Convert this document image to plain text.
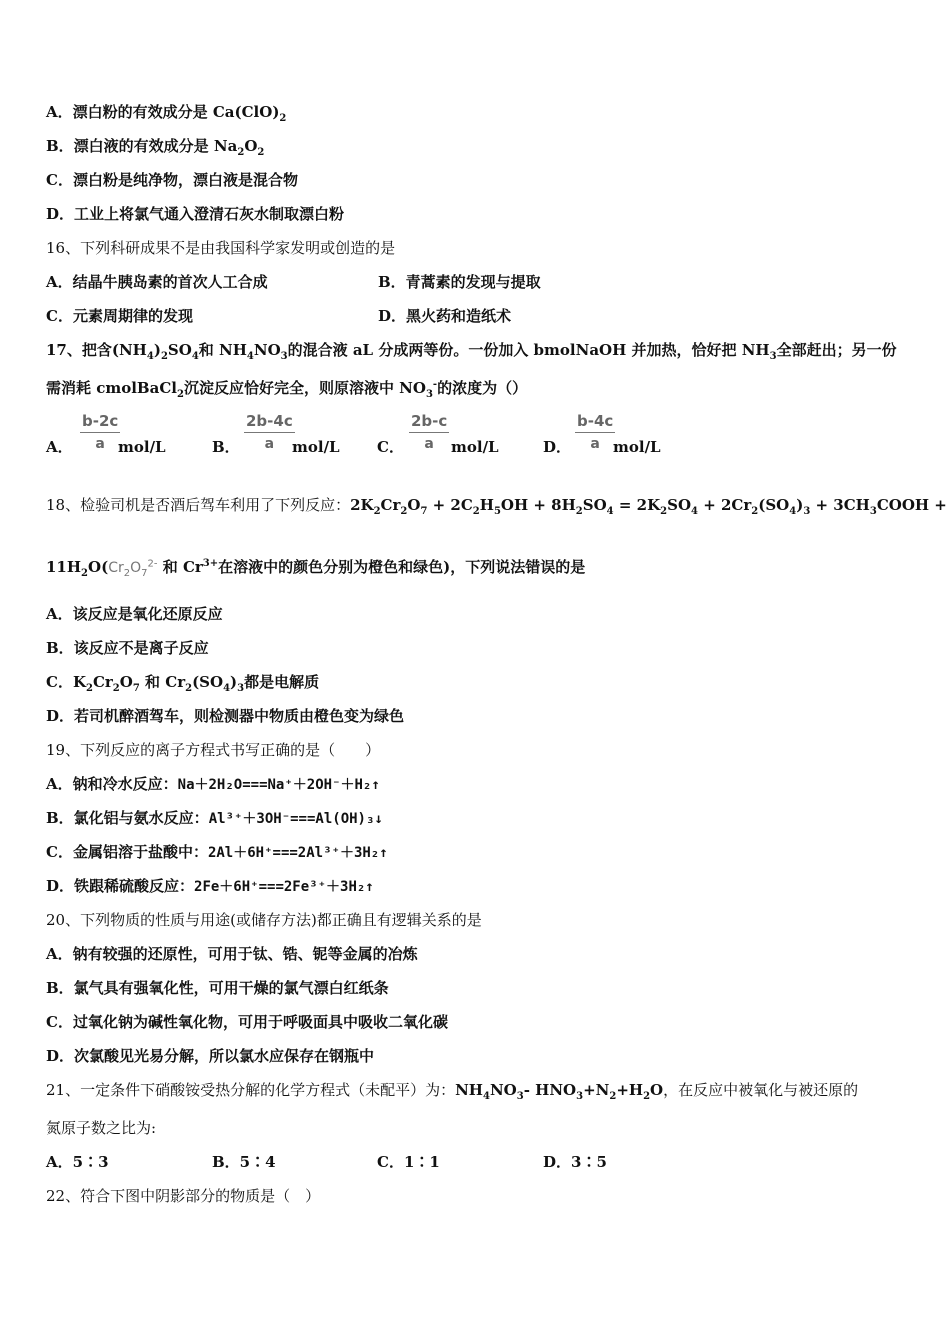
A．漂白粉的有效成分是 $Ca(ClO)_2$
B．漂白液的有效成分是 $Na_2O_2$
C．漂白粉是纯净物，漂白液是混合物
D．工业上将氯气通入澄清石灰水制取漂白粉
16、下列科研成果不是由我国科学家发明或创造的是
A．结晶牛胰岛素的首次人工合成	B．青蒿素的发现与提取
C．元素周期律的发现	D．黑火药和造纸术
17、把含$(NH_4)_2SO_4$和 $NH_4NO_3$的混合液 aL 分成两等份。一份加入 bmolNaOH 并加热，恰好把 $NH_3$全部赶出；另一份
需消耗 cmolBaCl$_2$沉淀反应恰好完全，则原溶液中 $NO_3^-$的浓度为（）
A． $\frac{b-2c}{a}$
mol/L	B． $\frac{2b-4c}{a}$
mol/L C． $\frac{2b-c}{a} mol/L$	D． $\frac{b-4c}{a}$
mol/L
18、检验司机是否酒后驾车利用了下列反应：$2K_2Cr_2O_7 + 2C_2H_5OH + 8H_2SO_4 = 2K_2SO_4 + 2Cr_2(SO_4)_3$ + $3CH_3COOH$ +
$11H_2O(Cr_2O_7^{2-}$ 和 $Cr^{3+}$在溶液中的颜色分别为橙色和绿色)，下列说法错误的是
A．该反应是氧化还原反应
B．该反应不是离子反应
C．$K_2Cr_2O_7$ 和 $Cr_2(SO_4)_3$都是电解质
D．若司机醉酒驾车，则检测器中物质由橙色变为绿色
19、下列反应的离子方程式书写正确的是（　　）
A．钠和冷水反应：Na＋2H₂O===Na⁺＋2OH⁻＋H₂↑
B．氯化铝与氨水反应：Al³⁺＋3OH⁻===Al(OH)₃↓
C．金属铝溶于盐酸中：2Al＋6H⁺===2Al³⁺＋3H₂↑
D．铁跟稀硫酸反应：2Fe＋6H⁺===2Fe³⁺＋3H₂↑
20、下列物质的性质与用途(或储存方法)都正确且有逻辑关系的是
A．钠有较强的还原性，可用于钛、锆、铌等金属的冶炼
B．氯气具有强氧化性，可用干燥的氯气漂白红纸条
C．过氧化钠为碱性氧化物，可用于呼吸面具中吸收二氧化碳
D．次氯酸见光易分解，所以氯水应保存在钢瓶中
21、一定条件下硝酸铵受热分解的化学方程式（未配平）为：$NH_4NO_3-$ $HNO_3+N_2+H_2O$，在反应中被氧化与被还原的
氮原子数之比为:
A．5∶3	B．5∶4	C．1∶1	D．3∶5
22、符合下图中阴影部分的物质是（　）
